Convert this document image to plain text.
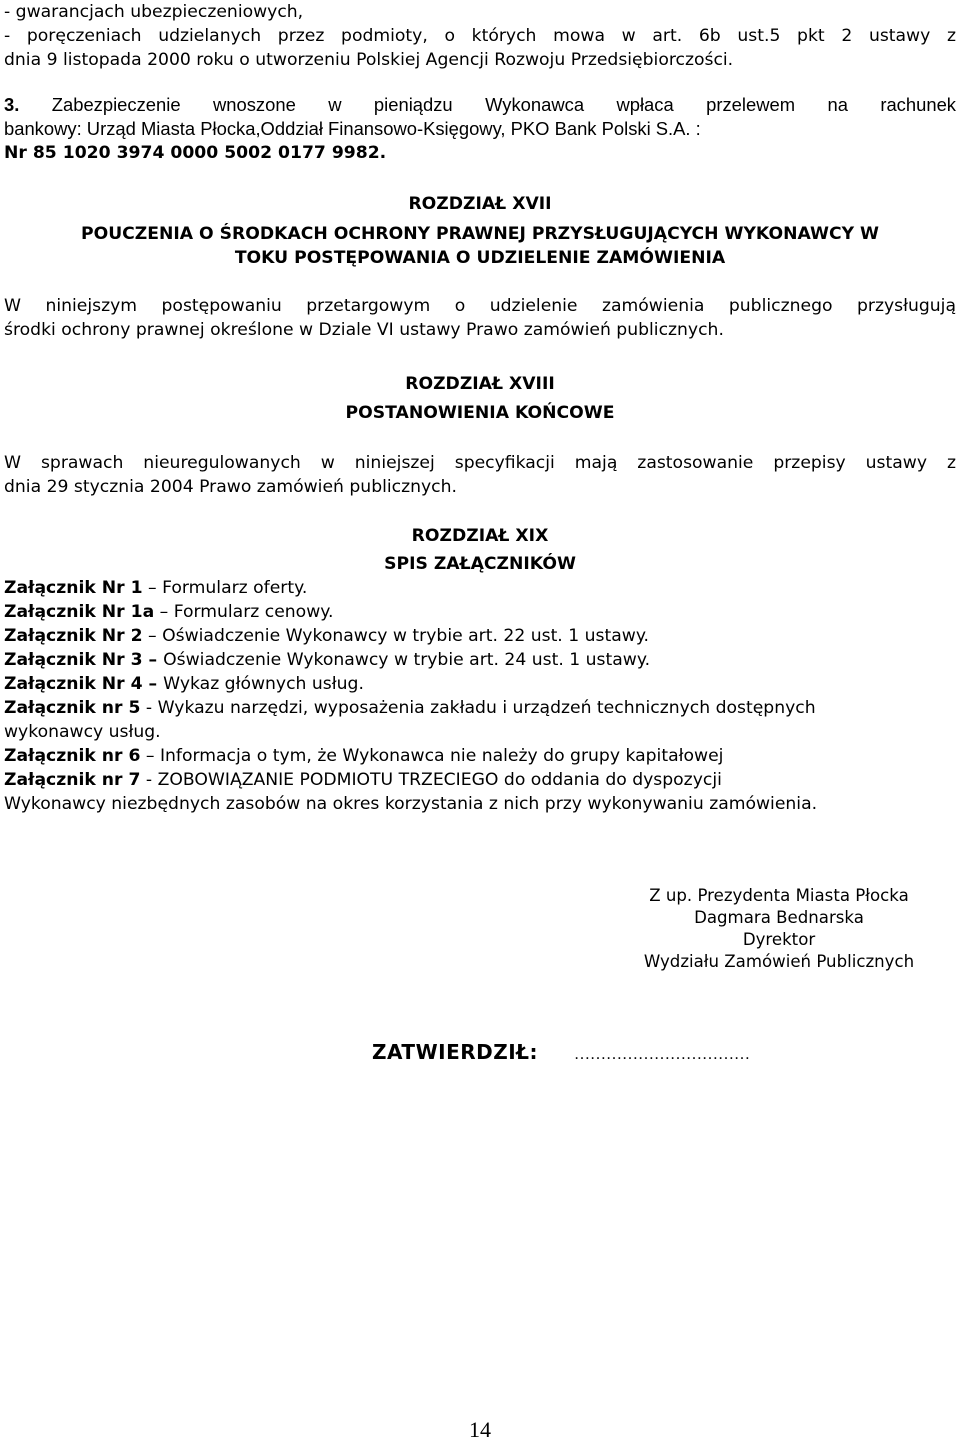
- gwarancjach ubezpieczeniowych,
- poręczeniach udzielanych przez podmioty, o których mowa w art. 6b ust.5 pkt 2 ustawy z
dnia 9 listopada 2000 roku o utworzeniu Polskiej Agencji Rozwoju Przedsiębiorczości.
3. Zabezpieczenie wnoszone w pieniądzu Wykonawca wpłaca przelewem na rachunek
bankowy: Urząd Miasta Płocka,Oddział Finansowo-Księgowy, PKO Bank Polski S.A. :
Nr 85 1020 3974 0000 5002 0177 9982.
ROZDZIAŁ XVII
POUCZENIA O ŚRODKACH OCHRONY PRAWNEJ PRZYSŁUGUJĄCYCH WYKONAWCY W
TOKU POSTĘPOWANIA O UDZIELENIE ZAMÓWIENIA
W niniejszym postępowaniu przetargowym o udzielenie zamówienia publicznego przysługują
środki ochrony prawnej określone w Dziale VI ustawy Prawo zamówień publicznych.
ROZDZIAŁ XVIII
POSTANOWIENIA KOŃCOWE
W sprawach nieuregulowanych w niniejszej specyfikacji mają zastosowanie przepisy ustawy z
dnia 29 stycznia 2004 Prawo zamówień publicznych.
ROZDZIAŁ XIX
SPIS ZAŁĄCZNIKÓW
Załącznik Nr 1 – Formularz oferty.
Załącznik Nr 1a – Formularz cenowy.
Załącznik Nr 2 – Oświadczenie Wykonawcy w trybie art. 22 ust. 1 ustawy.
Załącznik Nr 3 – Oświadczenie Wykonawcy w trybie art. 24 ust. 1 ustawy.
Załącznik Nr 4 – Wykaz głównych usług.
Załącznik nr 5 - Wykazu narzędzi, wyposażenia zakładu i urządzeń technicznych dostępnych
wykonawcy usług.
Załącznik nr 6 – Informacja o tym, że Wykonawca nie należy do grupy kapitałowej
Załącznik nr 7 - ZOBOWIĄZANIE PODMIOTU TRZECIEGO do oddania do dyspozycji
Wykonawcy niezbędnych zasobów na okres korzystania z nich przy wykonywaniu zamówienia.
Z up. Prezydenta Miasta Płocka
Dagmara Bednarska
Dyrektor
Wydziału Zamówień Publicznych
ZATWIERDZIŁ: ……………………………
14
